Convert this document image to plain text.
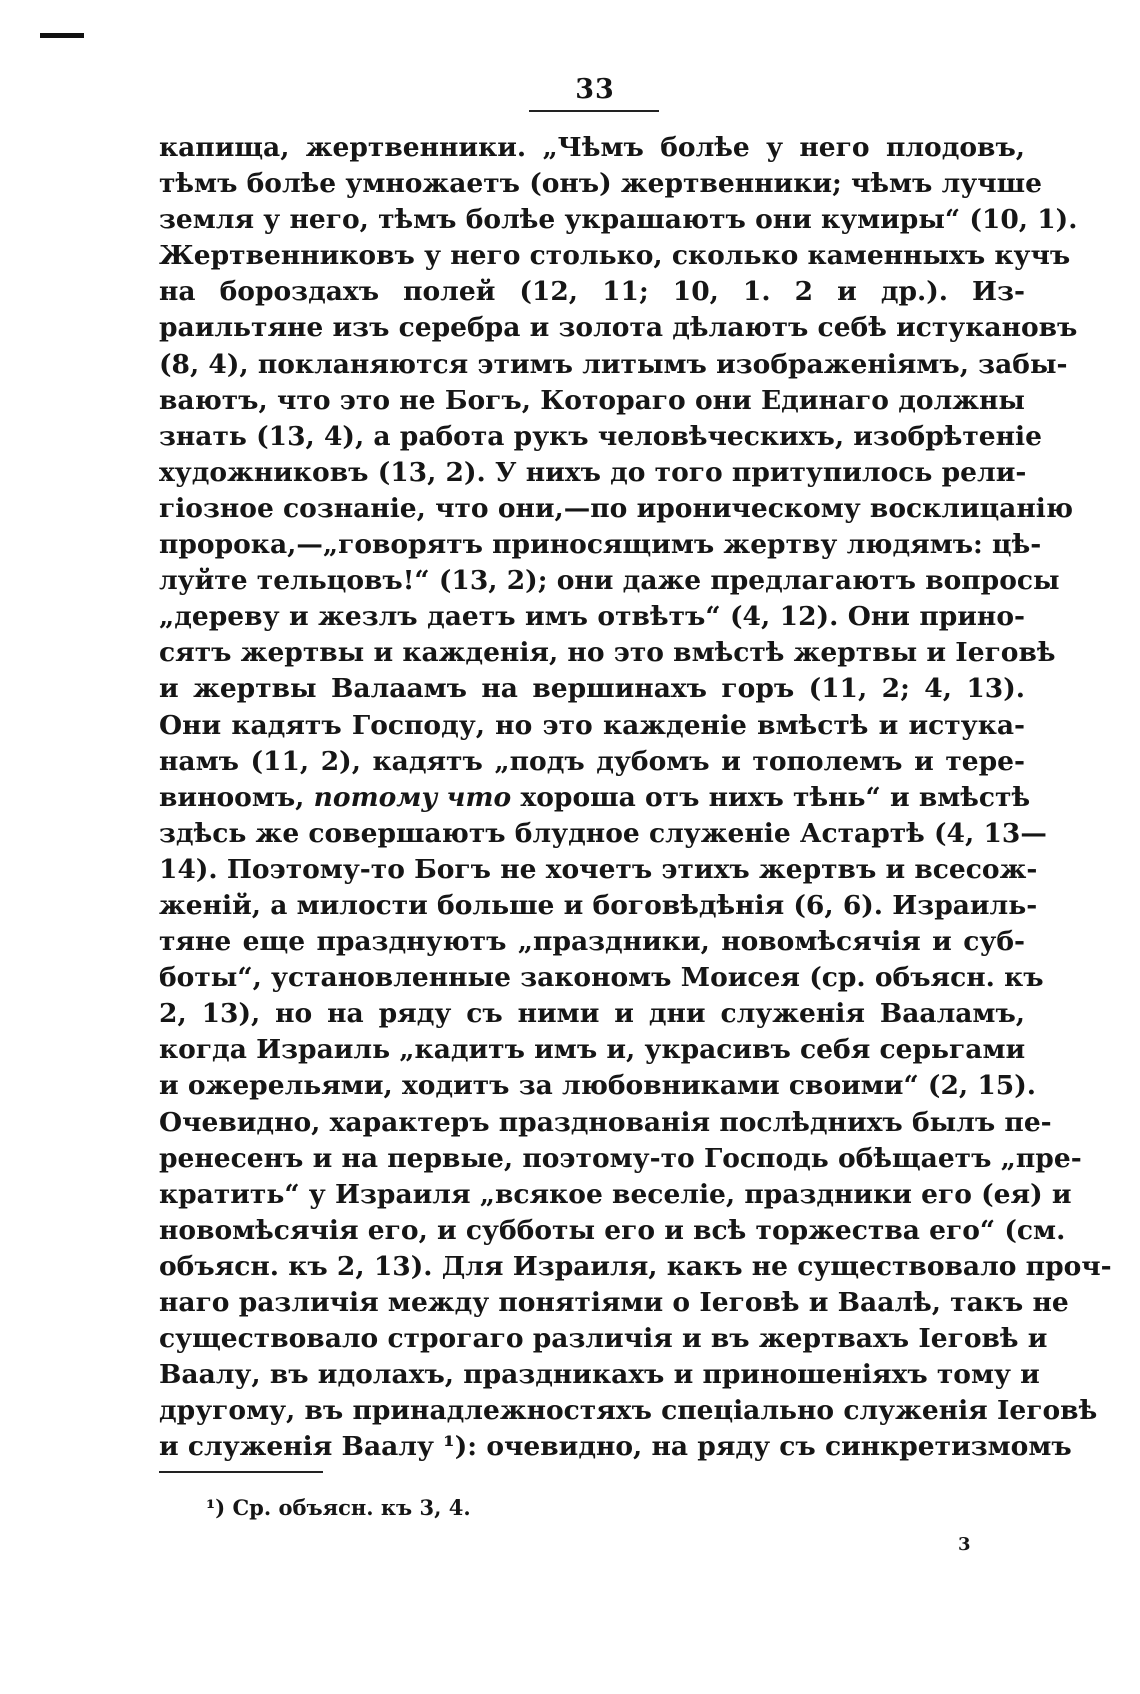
33
капища, жертвенники. „Чѣмъ болѣе у него плодовъ,
тѣмъ болѣе умножаетъ (онъ) жертвенники; чѣмъ лучше
земля у него, тѣмъ болѣе украшаютъ они кумиры“ (10, 1).
Жертвенниковъ у него столько, сколько каменныхъ кучъ
на бороздахъ полей (12, 11; 10, 1. 2 и др.). Из-
раильтяне изъ серебра и золота дѣлаютъ себѣ истукановъ
(8, 4), покланяются этимъ литымъ изображеніямъ, забы-
ваютъ, что это не Богъ, Котораго они Единаго должны
знать (13, 4), а работа рукъ человѣческихъ, изобрѣтеніе
художниковъ (13, 2). У нихъ до того притупилось рели-
гіозное сознаніе, что они,—по ироническому восклицанію
пророка,—„говорятъ приносящимъ жертву людямъ: цѣ-
луйте тельцовъ!“ (13, 2); они даже предлагаютъ вопросы
„дереву и жезлъ даетъ имъ отвѣтъ“ (4, 12). Они прино-
сятъ жертвы и кажденія, но это вмѣстѣ жертвы и Іеговѣ
и жертвы Валаамъ на вершинахъ горъ (11, 2; 4, 13).
Они кадятъ Господу, но это кажденіе вмѣстѣ и истука-
намъ (11, 2), кадятъ „подъ дубомъ и тополемъ и тере-
виноомъ, потому что хороша отъ нихъ тѣнь“ и вмѣстѣ
здѣсь же совершаютъ блудное служеніе Астартѣ (4, 13—
14). Поэтому-то Богъ не хочетъ этихъ жертвъ и всесож-
женій, а милости больше и боговѣдѣнія (6, 6). Израиль-
тяне еще празднуютъ „праздники, новомѣсячія и суб-
боты“, установленные закономъ Моисея (ср. объясн. къ
2, 13), но на ряду съ ними и дни служенія Вааламъ,
когда Израиль „кадитъ имъ и, украсивъ себя серьгами
и ожерельями, ходитъ за любовниками своими“ (2, 15).
Очевидно, характеръ празднованія послѣднихъ былъ пе-
ренесенъ и на первые, поэтому-то Господь обѣщаетъ „пре-
кратить“ у Израиля „всякое веселіе, праздники его (ея) и
новомѣсячія его, и субботы его и всѣ торжества его“ (см.
объясн. къ 2, 13). Для Израиля, какъ не существовало проч-
наго различія между понятіями о Іеговѣ и Ваалѣ, такъ не
существовало строгаго различія и въ жертвахъ Іеговѣ и
Ваалу, въ идолахъ, праздникахъ и приношеніяхъ тому и
другому, въ принадлежностяхъ спеціально служенія Іеговѣ
и служенія Ваалу ¹): очевидно, на ряду съ синкретизмомъ
¹) Ср. объясн. къ 3, 4.
3
